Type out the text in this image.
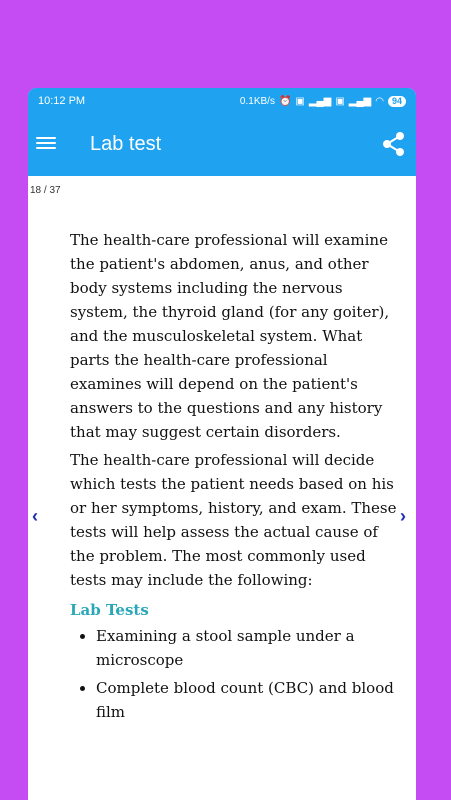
10:12 PM	0.1KB/s ⏰ ▣ ▂▄▆ ▣ ▂▄▆ ◠ 94
Lab test
18 / 37
‹	›

The health-care professional will examine the patient's abdomen, anus, and other body systems including the nervous system, the thyroid gland (for any goiter), and the musculoskeletal system. What parts the health-care professional examines will depend on the patient's answers to the questions and any history that may suggest certain disorders.

The health-care professional will decide which tests the patient needs based on his or her symptoms, history, and exam. These tests will help assess the actual cause of the problem. The most commonly used tests may include the following:

Lab Tests
• Examining a stool sample under a microscope
• Complete blood count (CBC) and blood film
